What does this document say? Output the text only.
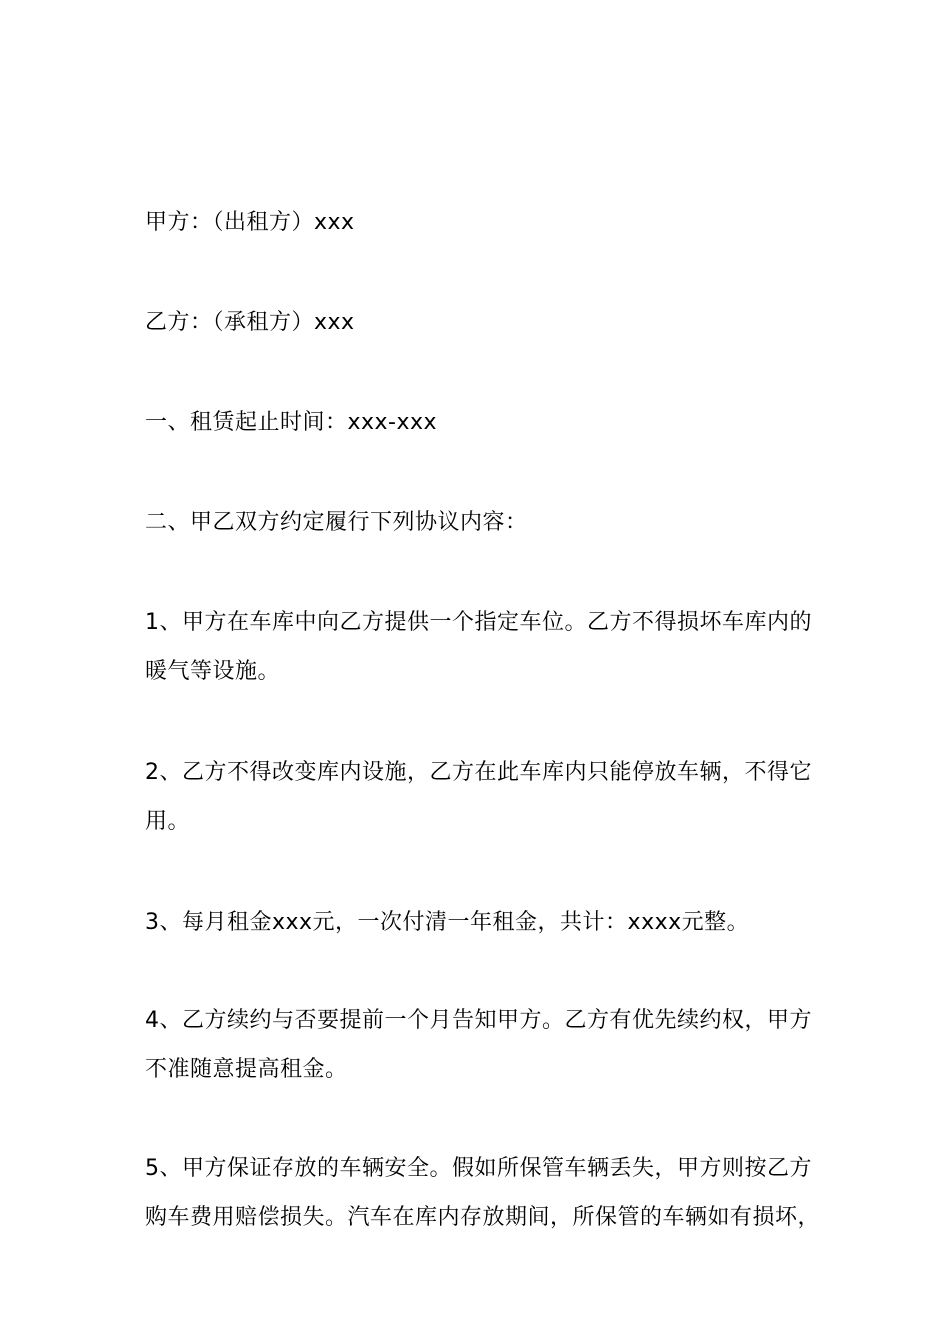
甲方：（出租方）xxx

乙方：（承租方）xxx

一、租赁起止时间：xxx-xxx

二、甲乙双方约定履行下列协议内容：

1、甲方在车库中向乙方提供一个指定车位。乙方不得损坏车库内的暖气等设施。

2、乙方不得改变库内设施，乙方在此车库内只能停放车辆，不得它用。

3、每月租金xxx元，一次付清一年租金，共计：xxxx元整。

4、乙方续约与否要提前一个月告知甲方。乙方有优先续约权，甲方不准随意提高租金。

5、甲方保证存放的车辆安全。假如所保管车辆丢失，甲方则按乙方购车费用赔偿损失。汽车在库内存放期间，所保管的车辆如有损坏，
